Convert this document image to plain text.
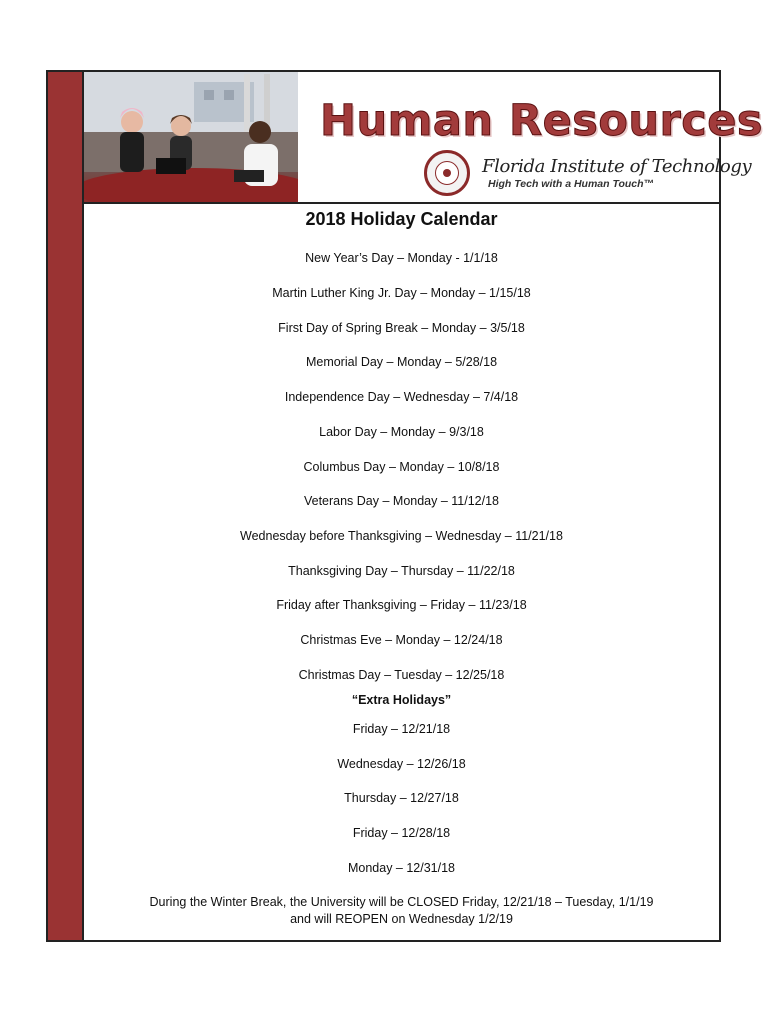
Human Resources
Florida Institute of Technology
High Tech with a Human Touch™
2018 Holiday Calendar
New Year’s Day – Monday - 1/1/18
Martin Luther King Jr. Day – Monday – 1/15/18
First Day of Spring Break – Monday – 3/5/18
Memorial Day – Monday – 5/28/18
Independence Day – Wednesday – 7/4/18
Labor Day – Monday – 9/3/18
Columbus Day – Monday – 10/8/18
Veterans Day – Monday – 11/12/18
Wednesday before Thanksgiving – Wednesday – 11/21/18
Thanksgiving Day – Thursday – 11/22/18
Friday after Thanksgiving – Friday – 11/23/18
Christmas Eve – Monday – 12/24/18
Christmas Day – Tuesday – 12/25/18
“Extra Holidays”
Friday – 12/21/18
Wednesday – 12/26/18
Thursday – 12/27/18
Friday – 12/28/18
Monday – 12/31/18
During the Winter Break, the University will be CLOSED Friday, 12/21/18 – Tuesday, 1/1/19
and will REOPEN on Wednesday 1/2/19
